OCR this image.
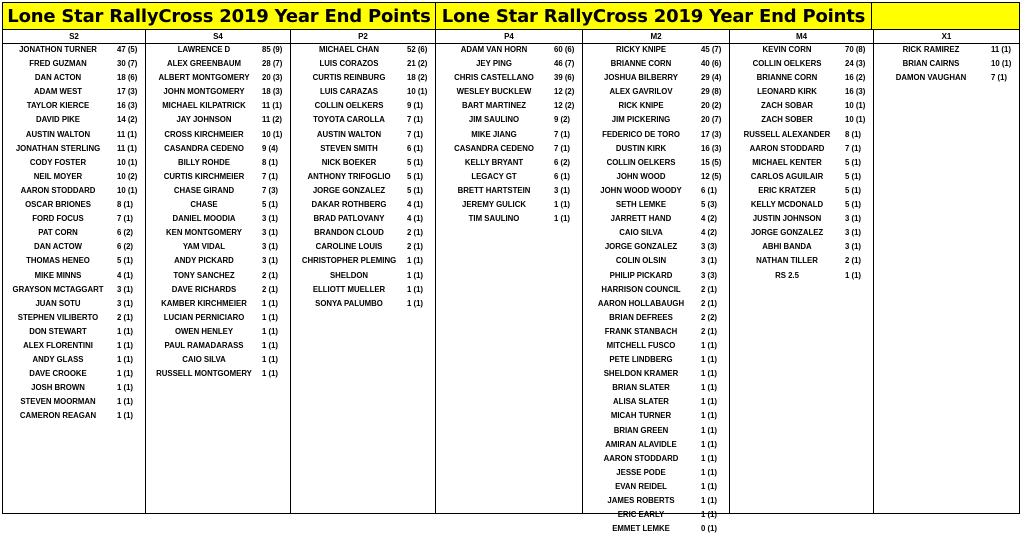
Lone Star RallyCross 2019 Year End Points Lone Star RallyCross 2019 Year End Points
S2
JONATHON TURNER	47 (5)
FRED GUZMAN	30 (7)
DAN ACTON	18 (6)
ADAM WEST	17 (3)
TAYLOR KIERCE	16 (3)
DAVID PIKE	14 (2)
AUSTIN WALTON	11 (1)
JONATHAN STERLING	11 (1)
CODY FOSTER	10 (1)
NEIL MOYER	10 (2)
AARON STODDARD	10 (1)
OSCAR BRIONES	8 (1)
FORD FOCUS	7 (1)
PAT CORN	6 (2)
DAN ACTOW	6 (2)
THOMAS HENEO	5 (1)
MIKE MINNS	4 (1)
GRAYSON MCTAGGART	3 (1)
JUAN SOTU	3 (1)
STEPHEN VILIBERTO	2 (1)
DON STEWART	1 (1)
ALEX FLORENTINI	1 (1)
ANDY GLASS	1 (1)
DAVE CROOKE	1 (1)
JOSH BROWN	1 (1)
STEVEN MOORMAN	1 (1)
CAMERON REAGAN	1 (1)
S4
LAWRENCE D	85 (9)
ALEX GREENBAUM	28 (7)
ALBERT MONTGOMERY	20 (3)
JOHN MONTGOMERY	18 (3)
MICHAEL KILPATRICK	11 (1)
JAY JOHNSON	11 (2)
CROSS KIRCHMEIER	10 (1)
CASANDRA CEDENO	9 (4)
BILLY ROHDE	8 (1)
CURTIS KIRCHMEIER	7 (1)
CHASE GIRAND	7 (3)
CHASE	5 (1)
DANIEL MOODIA	3 (1)
KEN MONTGOMERY	3 (1)
YAM VIDAL	3 (1)
ANDY PICKARD	3 (1)
TONY SANCHEZ	2 (1)
DAVE RICHARDS	2 (1)
KAMBER KIRCHMEIER	1 (1)
LUCIAN PERNICIARO	1 (1)
OWEN HENLEY	1 (1)
PAUL RAMADARASS	1 (1)
CAIO SILVA	1 (1)
RUSSELL MONTGOMERY	1 (1)
P2
MICHAEL CHAN	52 (6)
LUIS CORAZOS	21 (2)
CURTIS REINBURG	18 (2)
LUIS CARAZAS	10 (1)
COLLIN OELKERS	9 (1)
TOYOTA CAROLLA	7 (1)
AUSTIN WALTON	7 (1)
STEVEN SMITH	6 (1)
NICK BOEKER	5 (1)
ANTHONY TRIFOGLIO	5 (1)
JORGE GONZALEZ	5 (1)
DAKAR ROTHBERG	4 (1)
BRAD PATLOVANY	4 (1)
BRANDON CLOUD	2 (1)
CAROLINE LOUIS	2 (1)
CHRISTOPHER PLEMING	1 (1)
SHELDON	1 (1)
ELLIOTT MUELLER	1 (1)
SONYA PALUMBO	1 (1)
P4
ADAM VAN HORN	60 (6)
JEY PING	46 (7)
CHRIS CASTELLANO	39 (6)
WESLEY BUCKLEW	12 (2)
BART MARTINEZ	12 (2)
JIM SAULINO	9 (2)
MIKE JIANG	7 (1)
CASANDRA CEDENO	7 (1)
KELLY BRYANT	6 (2)
LEGACY GT	6 (1)
BRETT HARTSTEIN	3 (1)
JEREMY GULICK	1 (1)
TIM SAULINO	1 (1)
M2
RICKY KNIPE	45 (7)
BRIANNE CORN	40 (6)
JOSHUA BILBERRY	29 (4)
ALEX GAVRILOV	29 (8)
RICK KNIPE	20 (2)
JIM PICKERING	20 (7)
FEDERICO DE TORO	17 (3)
DUSTIN KIRK	16 (3)
COLLIN OELKERS	15 (5)
JOHN WOOD	12 (5)
JOHN WOOD WOODY	6 (1)
SETH LEMKE	5 (3)
JARRETT HAND	4 (2)
CAIO SILVA	4 (2)
JORGE GONZALEZ	3 (3)
COLIN OLSIN	3 (1)
PHILIP PICKARD	3 (3)
HARRISON COUNCIL	2 (1)
AARON HOLLABAUGH	2 (1)
BRIAN DEFREES	2 (2)
FRANK STANBACH	2 (1)
MITCHELL FUSCO	1 (1)
PETE LINDBERG	1 (1)
SHELDON KRAMER	1 (1)
BRIAN SLATER	1 (1)
ALISA SLATER	1 (1)
MICAH TURNER	1 (1)
BRIAN GREEN	1 (1)
AMIRAN ALAVIDLE	1 (1)
AARON STODDARD	1 (1)
JESSE PODE	1 (1)
EVAN REIDEL	1 (1)
JAMES ROBERTS	1 (1)
ERIC EARLY	1 (1)
EMMET LEMKE	0 (1)
M4
KEVIN CORN	70 (8)
COLLIN OELKERS	24 (3)
BRIANNE CORN	16 (2)
LEONARD KIRK	16 (3)
ZACH SOBAR	10 (1)
ZACH SOBER	10 (1)
RUSSELL ALEXANDER	8 (1)
AARON STODDARD	7 (1)
MICHAEL KENTER	5 (1)
CARLOS AGUILAIR	5 (1)
ERIC KRATZER	5 (1)
KELLY MCDONALD	5 (1)
JUSTIN JOHNSON	3 (1)
JORGE GONZALEZ	3 (1)
ABHI BANDA	3 (1)
NATHAN TILLER	2 (1)
RS 2.5	1 (1)
X1
RICK RAMIREZ	11 (1)
BRIAN CAIRNS	10 (1)
DAMON VAUGHAN	7 (1)
